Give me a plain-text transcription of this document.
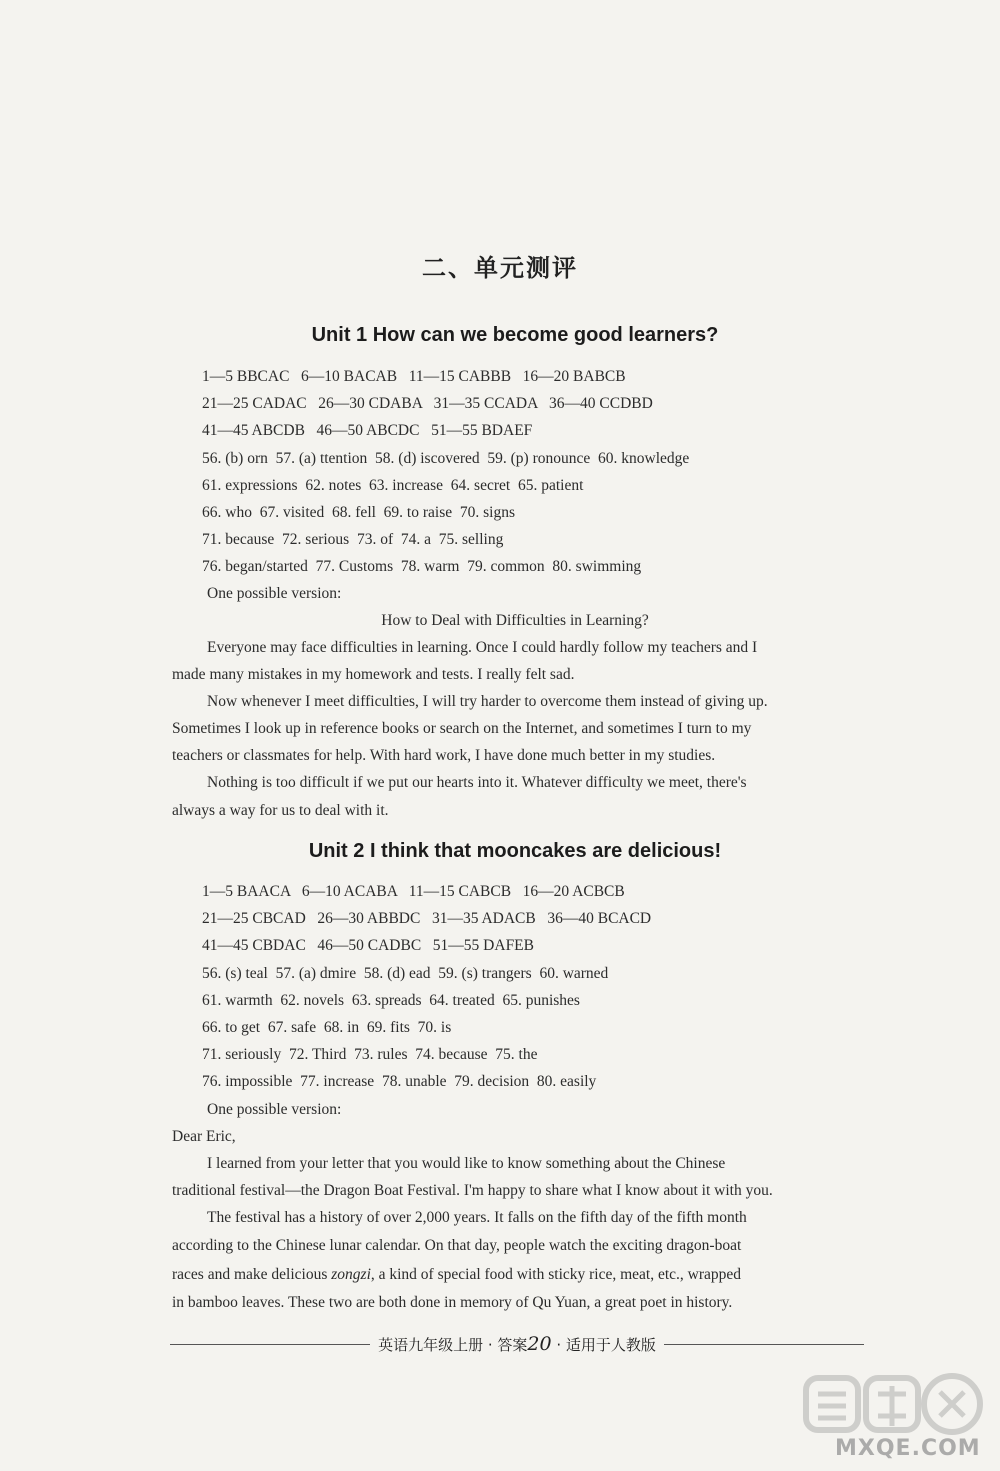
二、单元测评
Unit 1 How can we become good learners?
1—5 BBCAC   6—10 BACAB   11—15 CABBB   16—20 BABCB
21—25 CADAC   26—30 CDABA   31—35 CCADA   36—40 CCDBD
41—45 ABCDB   46—50 ABCDC   51—55 BDAEF
56. (b) orn  57. (a) ttention  58. (d) iscovered  59. (p) ronounce  60. knowledge
61. expressions  62. notes  63. increase  64. secret  65. patient
66. who  67. visited  68. fell  69. to raise  70. signs
71. because  72. serious  73. of  74. a  75. selling
76. began/started  77. Customs  78. warm  79. common  80. swimming
One possible version:
How to Deal with Difficulties in Learning?
Everyone may face difficulties in learning. Once I could hardly follow my teachers and I
made many mistakes in my homework and tests. I really felt sad.
Now whenever I meet difficulties, I will try harder to overcome them instead of giving up.
Sometimes I look up in reference books or search on the Internet, and sometimes I turn to my
teachers or classmates for help. With hard work, I have done much better in my studies.
Nothing is too difficult if we put our hearts into it. Whatever difficulty we meet, there's
always a way for us to deal with it.
Unit 2 I think that mooncakes are delicious!
1—5 BAACA   6—10 ACABA   11—15 CABCB   16—20 ACBCB
21—25 CBCAD   26—30 ABBDC   31—35 ADACB   36—40 BCACD
41—45 CBDAC   46—50 CADBC   51—55 DAFEB
56. (s) teal  57. (a) dmire  58. (d) ead  59. (s) trangers  60. warned
61. warmth  62. novels  63. spreads  64. treated  65. punishes
66. to get  67. safe  68. in  69. fits  70. is
71. seriously  72. Third  73. rules  74. because  75. the
76. impossible  77. increase  78. unable  79. decision  80. easily
One possible version:
Dear Eric,
I learned from your letter that you would like to know something about the Chinese
traditional festival—the Dragon Boat Festival. I'm happy to share what I know about it with you.
The festival has a history of over 2,000 years. It falls on the fifth day of the fifth month
according to the Chinese lunar calendar. On that day, people watch the exciting dragon-boat
races and make delicious zongzi, a kind of special food with sticky rice, meat, etc., wrapped
in bamboo leaves. These two are both done in memory of Qu Yuan, a great poet in history.
英语九年级上册 · 答案20 · 适用于人教版
MXQE.COM
